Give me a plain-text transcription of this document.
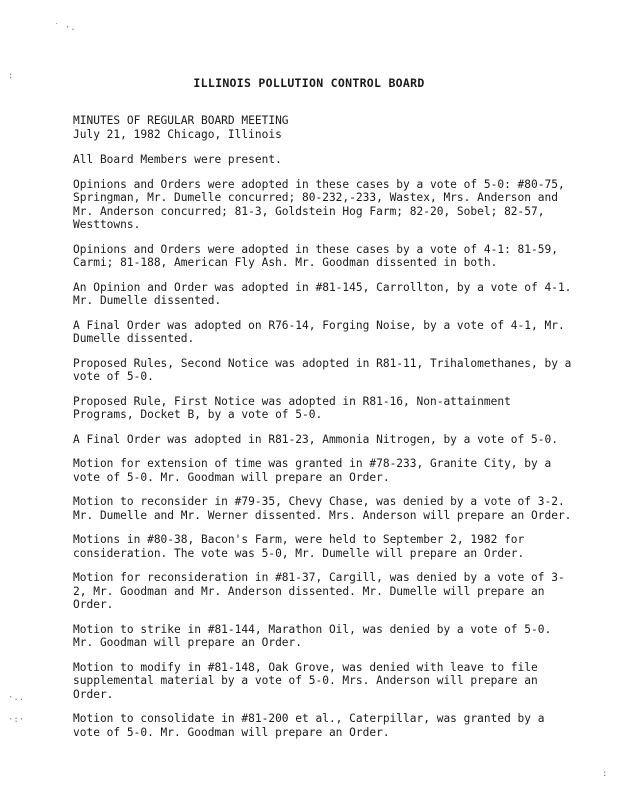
˙ ·.
:
·..
·:·
:
ILLINOIS POLLUTION CONTROL BOARD

MINUTES OF REGULAR BOARD MEETING

July 21, 1982 Chicago, Illinois

All Board Members were present.

Opinions and Orders were adopted in these cases by a vote of 5-0: #80-75, Springman, Mr. Dumelle concurred; 80-232,-233, Wastex, Mrs. Anderson and Mr. Anderson concurred; 81-3, Goldstein Hog Farm; 82-20, Sobel; 82-57, Westtowns.

Opinions and Orders were adopted in these cases by a vote of 4-1: 81-59, Carmi; 81-188, American Fly Ash. Mr. Goodman dissented in both.

An Opinion and Order was adopted in #81-145, Carrollton, by a vote of 4-1. Mr. Dumelle dissented.

A Final Order was adopted on R76-14, Forging Noise, by a vote of 4-1, Mr. Dumelle dissented.

Proposed Rules, Second Notice was adopted in R81-11, Trihalomethanes, by a vote of 5-0.

Proposed Rule, First Notice was adopted in R81-16, Non-attainment Programs, Docket B, by a vote of 5-0.

A Final Order was adopted in R81-23, Ammonia Nitrogen, by a vote of 5-0.

Motion for extension of time was granted in #78-233, Granite City, by a vote of 5-0. Mr. Goodman will prepare an Order.

Motion to reconsider in #79-35, Chevy Chase, was denied by a vote of 3-2. Mr. Dumelle and Mr. Werner dissented. Mrs. Anderson will prepare an Order.

Motions in #80-38, Bacon's Farm, were held to September 2, 1982 for consideration. The vote was 5-0, Mr. Dumelle will prepare an Order.

Motion for reconsideration in #81-37, Cargill, was denied by a vote of 3-2, Mr. Goodman and Mr. Anderson dissented. Mr. Dumelle will prepare an Order.

Motion to strike in #81-144, Marathon Oil, was denied by a vote of 5-0. Mr. Goodman will prepare an Order.

Motion to modify in #81-148, Oak Grove, was denied with leave to file supplemental material by a vote of 5-0. Mrs. Anderson will prepare an Order.

Motion to consolidate in #81-200 et al., Caterpillar, was granted by a vote of 5-0. Mr. Goodman will prepare an Order.
